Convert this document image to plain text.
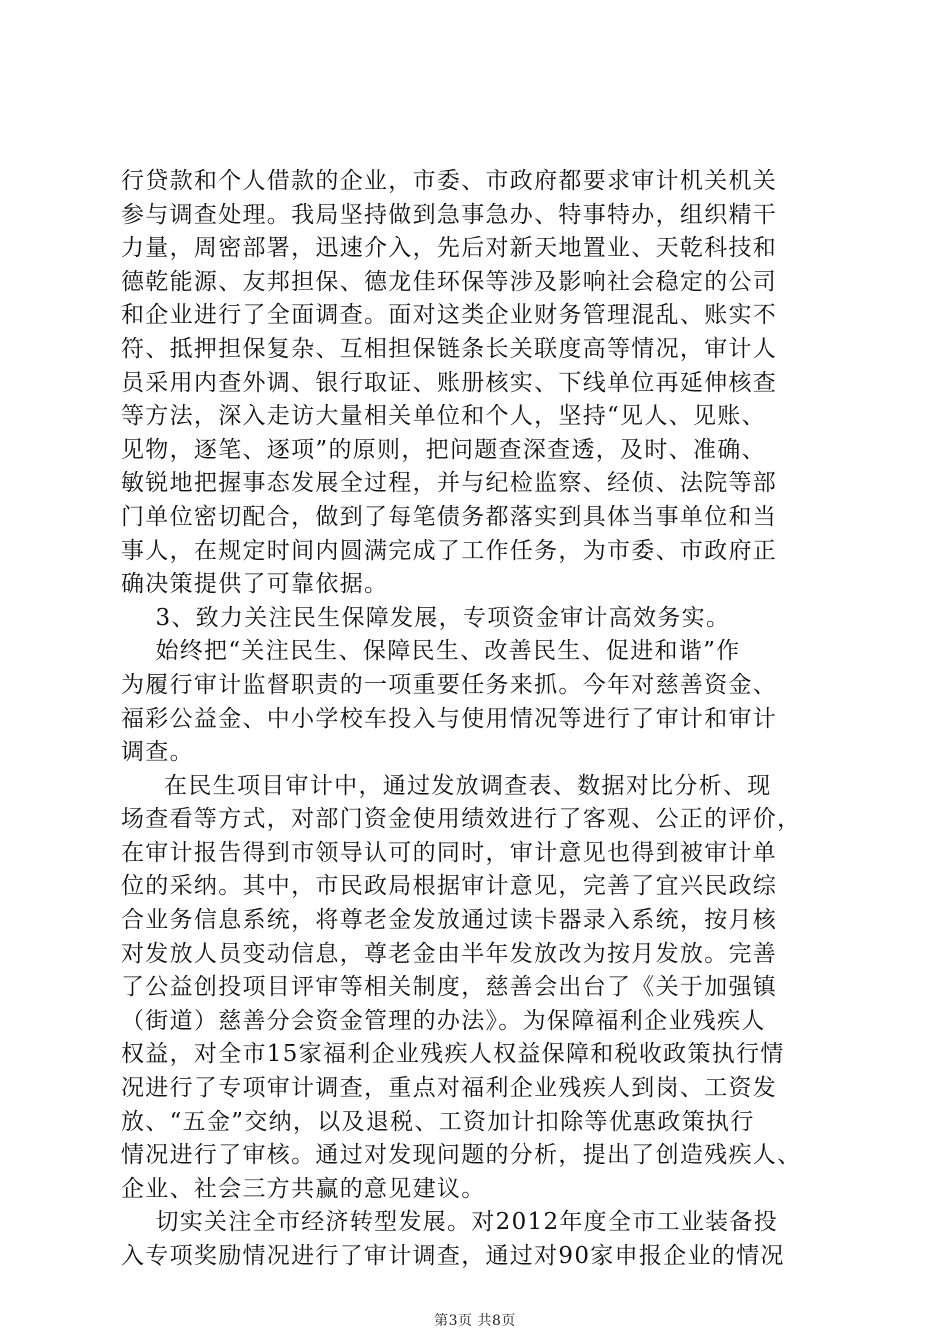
行贷款和个人借款的企业，市委、市政府都要求审计机关机关
参与调查处理。我局坚持做到急事急办、特事特办，组织精干
力量，周密部署，迅速介入，先后对新天地置业、天乾科技和
德乾能源、友邦担保、德龙佳环保等涉及影响社会稳定的公司
和企业进行了全面调查。面对这类企业财务管理混乱、账实不
符、抵押担保复杂、互相担保链条长关联度高等情况，审计人
员采用内查外调、银行取证、账册核实、下线单位再延伸核查
等方法，深入走访大量相关单位和个人，坚持“见人、见账、
见物，逐笔、逐项”的原则，把问题查深查透，及时、准确、
敏锐地把握事态发展全过程，并与纪检监察、经侦、法院等部
门单位密切配合，做到了每笔债务都落实到具体当事单位和当
事人，在规定时间内圆满完成了工作任务，为市委、市政府正
确决策提供了可靠依据。
3、致力关注民生保障发展，专项资金审计高效务实。
始终把“关注民生、保障民生、改善民生、促进和谐”作
为履行审计监督职责的一项重要任务来抓。今年对慈善资金、
福彩公益金、中小学校车投入与使用情况等进行了审计和审计
调查。
在民生项目审计中，通过发放调查表、数据对比分析、现
场查看等方式，对部门资金使用绩效进行了客观、公正的评价，
在审计报告得到市领导认可的同时，审计意见也得到被审计单
位的采纳。其中，市民政局根据审计意见，完善了宜兴民政综
合业务信息系统，将尊老金发放通过读卡器录入系统，按月核
对发放人员变动信息，尊老金由半年发放改为按月发放。完善
了公益创投项目评审等相关制度，慈善会出台了《关于加强镇
（街道）慈善分会资金管理的办法》。为保障福利企业残疾人
权益，对全市15家福利企业残疾人权益保障和税收政策执行情
况进行了专项审计调查，重点对福利企业残疾人到岗、工资发
放、“五金”交纳，以及退税、工资加计扣除等优惠政策执行
情况进行了审核。通过对发现问题的分析，提出了创造残疾人、
企业、社会三方共赢的意见建议。
切实关注全市经济转型发展。对2012年度全市工业装备投
入专项奖励情况进行了审计调查，通过对90家申报企业的情况
第3页 共8页
